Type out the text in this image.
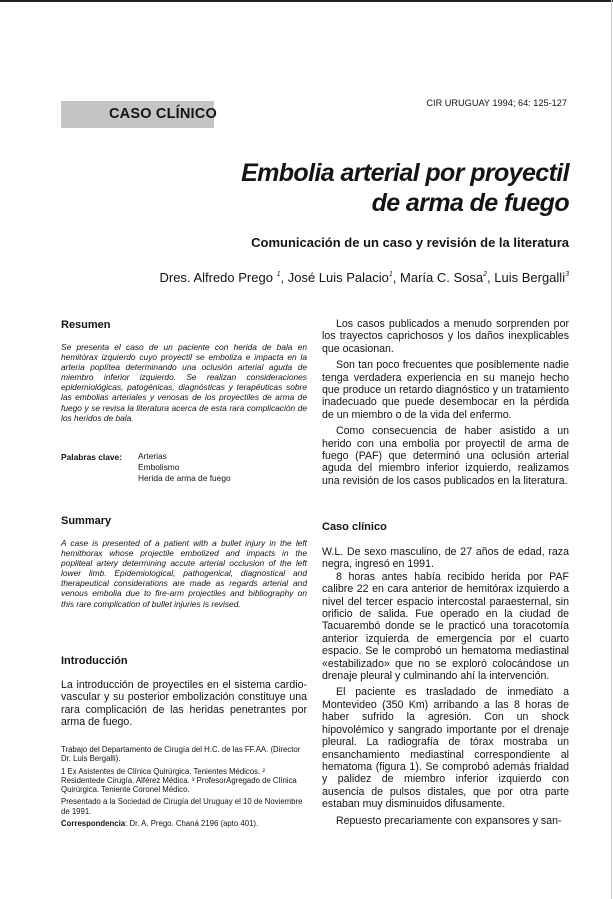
CASO CLÍNICO
CIR URUGUAY 1994; 64: 125-127
Embolia arterial por proyectil
de arma de fuego
Comunicación de un caso y revisión de la literatura
Dres. Alfredo Prego $^1$, José Luis Palacio$^1$, María C. Sosa$^2$, Luis Bergalli$^3$
Resumen
Se presenta el caso de un paciente con herida de bala en hemitórax izquierdo cuyo proyectil se emboliza e impacta en la arteria poplítea determinando una oclusión arterial aguda de miembro inferior izquierdo. Se realizan consideraciones epidemiológicas, patogénicas, diagnósticas y terapéuticas sobre las embolias arteriales y venosas de los proyectiles de arma de fuego y se revisa la literatura acerca de esta rara complicación de los heridos de bala.
Palabras clave: Arterias
Embolismo
Herida de arma de fuego
Summary
A case is presented of a patient with a bullet injury in the left hemithorax whose projectile embolized and impacts in the popliteal artery determining accute arterial occlusion of the left lower limb. Epidemiological, pathogenical, diagnostical and therapeutical considerations are made as regards arterial and venous embolia due to fire-arm projectiles and bibliography on this rare complication of bullet injuries is revised.
Introducción

La introducción de proyectiles en el sistema cardio-vascular y su posterior embolización constituye una rara complicación de las heridas penetrantes por arma de fuego.

Trabajo del Departamento de Cirugía del H.C. de las FF.AA. (Director Dr. Luis Bergalli).

1 Ex Asistentes de Clínica Quirúrgica. Tenientes Médicos. ² Residentede Cirugía. Alférez Médica. ³ ProfesorAgregado de Clínica Quirúrgica. Teniente Coronel Médico.

Presentado a la Sociedad de Cirugía del Uruguay el 10 de Noviembre de 1991.

Correspondencia: Dr. A. Prego. Chaná 2196 (apto 401).

Los casos publicados a menudo sorprenden por los trayectos caprichosos y los daños inexplicables que ocasionan.

Son tan poco frecuentes que posiblemente nadie tenga verdadera experiencia en su manejo hecho que produce un retardo diagnóstico y un tratamiento inadecuado que puede desembocar en la pérdida de un miembro o de la vida del enfermo.

Como consecuencia de haber asistido a un herido con una embolia por proyectil de arma de fuego (PAF) que determinó una oclusión arterial aguda del miembro inferior izquierdo, realizamos una revisión de los casos publicados en la literatura.

Caso clínico

W.L. De sexo masculino, de 27 años de edad, raza negra, ingresó en 1991.

8 horas antes había recibido herida por PAF calibre 22 en cara anterior de hemitórax izquierdo a nivel del tercer espacio intercostal paraesternal, sin orificio de salida. Fue operado en la ciudad de Tacuarembó donde se le practicó una toracotomía anterior izquierda de emergencia por el cuarto espacio. Se le comprobó un hematoma mediastinal «estabilizado» que no se exploró colocándose un drenaje pleural y culminando ahí la intervención.

El paciente es trasladado de inmediato a Montevideo (350 Km) arribando a las 8 horas de haber sufrido la agresión. Con un shock hipovolémico y sangrado importante por el drenaje pleural. La radiografía de tórax mostraba un ensanchamiento mediastinal correspondiente al hematoma (figura 1). Se comprobó además frialdad y palidez de miembro inferior izquierdo con ausencia de pulsos distales, que por otra parte estaban muy disminuidos difusamente.

Repuesto precariamente con expansores y san-
